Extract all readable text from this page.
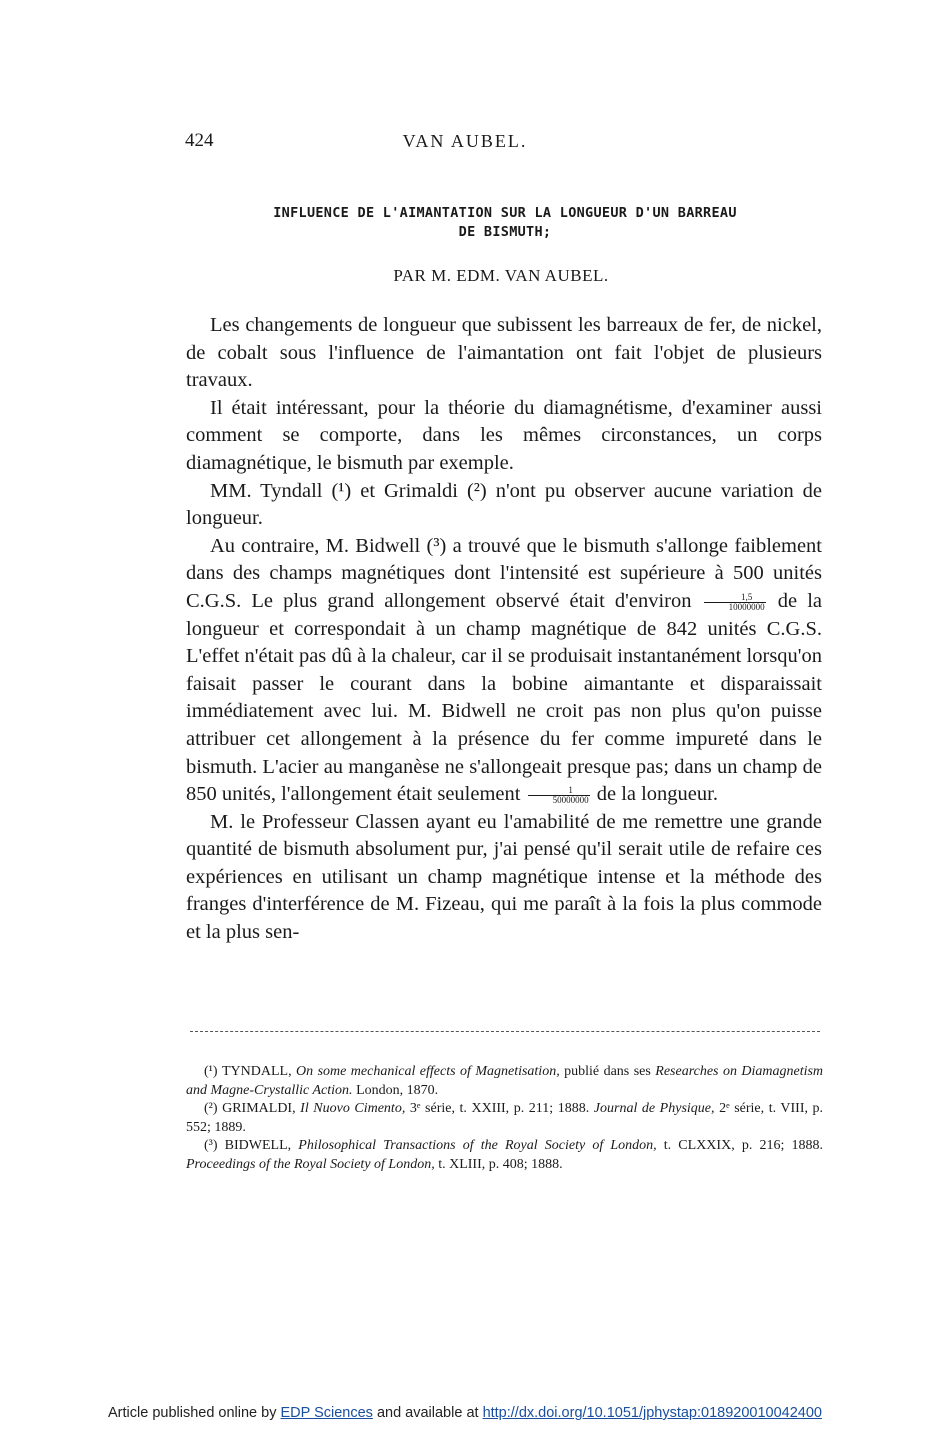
424	VAN AUBEL.
INFLUENCE DE L'AIMANTATION SUR LA LONGUEUR D'UN BARREAU
DE BISMUTH;
PAR M. EDM. VAN AUBEL.

Les changements de longueur que subissent les barreaux de fer, de nickel, de cobalt sous l'influence de l'aimantation ont fait l'objet de plusieurs travaux.

Il était intéressant, pour la théorie du diamagnétisme, d'examiner aussi comment se comporte, dans les mêmes circonstances, un corps diamagnétique, le bismuth par exemple.

MM. Tyndall (¹) et Grimaldi (²) n'ont pu observer aucune variation de longueur.

Au contraire, M. Bidwell (³) a trouvé que le bismuth s'allonge faiblement dans des champs magnétiques dont l'intensité est supérieure à 500 unités C.G.S. Le plus grand allongement observé était d'environ $\frac{1,5}{10000000}$ de la longueur et correspondait à un champ magnétique de 842 unités C.G.S. L'effet n'était pas dû à la chaleur, car il se produisait instantanément lorsqu'on faisait passer le courant dans la bobine aimantante et disparaissait immédiatement avec lui. M. Bidwell ne croit pas non plus qu'on puisse attribuer cet allongement à la présence du fer comme impureté dans le bismuth. L'acier au manganèse ne s'allongeait presque pas; dans un champ de 850 unités, l'allongement était seulement $\frac{1}{50000000}$ de la longueur.

M. le Professeur Classen ayant eu l'amabilité de me remettre une grande quantité de bismuth absolument pur, j'ai pensé qu'il serait utile de refaire ces expériences en utilisant un champ magnétique intense et la méthode des franges d'interférence de M. Fizeau, qui me paraît à la fois la plus commode et la plus sen-

(¹) TYNDALL, On some mechanical effects of Magnetisation, publié dans ses Researches on Diamagnetism and Magne-Crystallic Action. London, 1870.

(²) GRIMALDI, Il Nuovo Cimento, 3ᵉ série, t. XXIII, p. 211; 1888. Journal de Physique, 2ᵉ série, t. VIII, p. 552; 1889.

(³) BIDWELL, Philosophical Transactions of the Royal Society of London, t. CLXXIX, p. 216; 1888. Proceedings of the Royal Society of London, t. XLIII, p. 408; 1888.

Article published online by EDP Sciences and available at http://dx.doi.org/10.1051/jphystap:018920010042400
